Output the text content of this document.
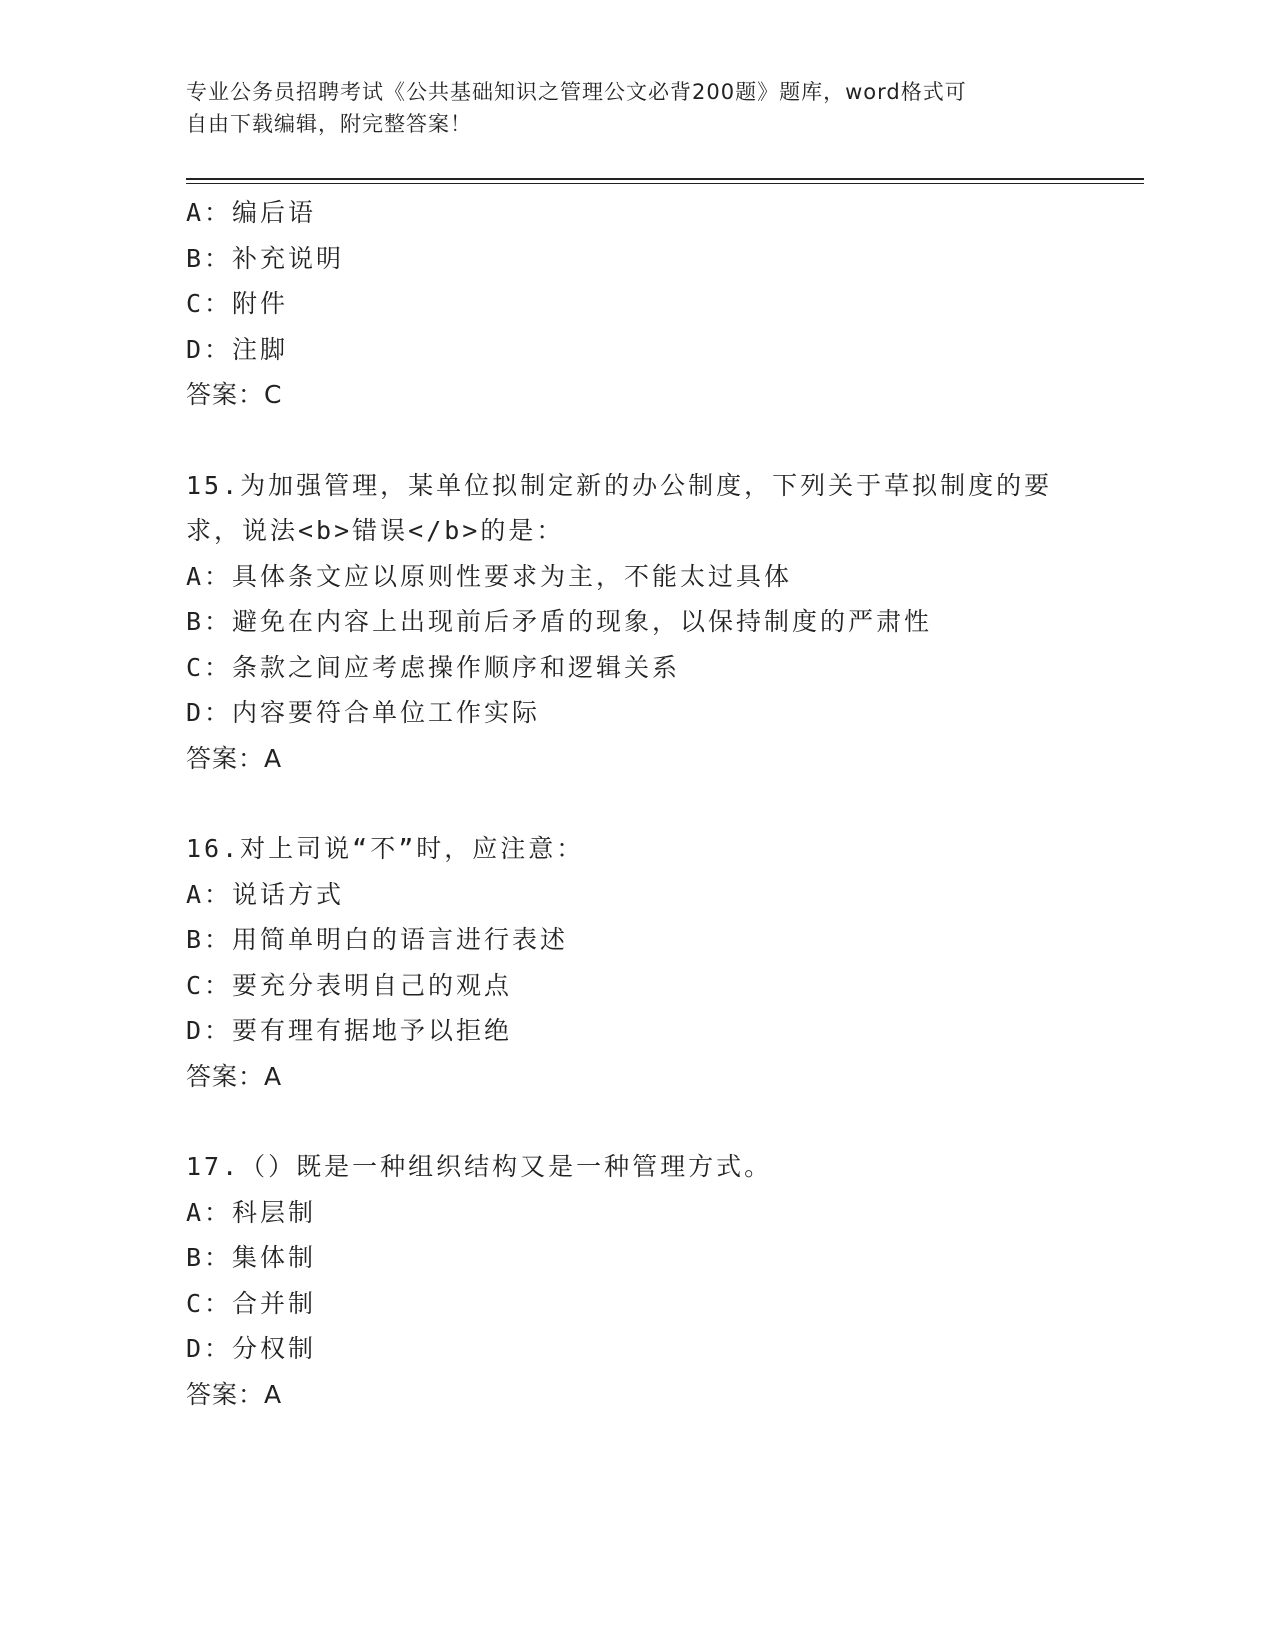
专业公务员招聘考试《公共基础知识之管理公文必背200题》题库，word格式可
自由下载编辑，附完整答案！
A：编后语
B：补充说明
C：附件
D：注脚
答案：C
15.为加强管理，某单位拟制定新的办公制度，下列关于草拟制度的要
求，说法<b>错误</b>的是：
A：具体条文应以原则性要求为主，不能太过具体
B：避免在内容上出现前后矛盾的现象，以保持制度的严肃性
C：条款之间应考虑操作顺序和逻辑关系
D：内容要符合单位工作实际
答案：A
16.对上司说“不”时，应注意：
A：说话方式
B：用简单明白的语言进行表述
C：要充分表明自己的观点
D：要有理有据地予以拒绝
答案：A
17.（）既是一种组织结构又是一种管理方式。
A：科层制
B：集体制
C：合并制
D：分权制
答案：A
